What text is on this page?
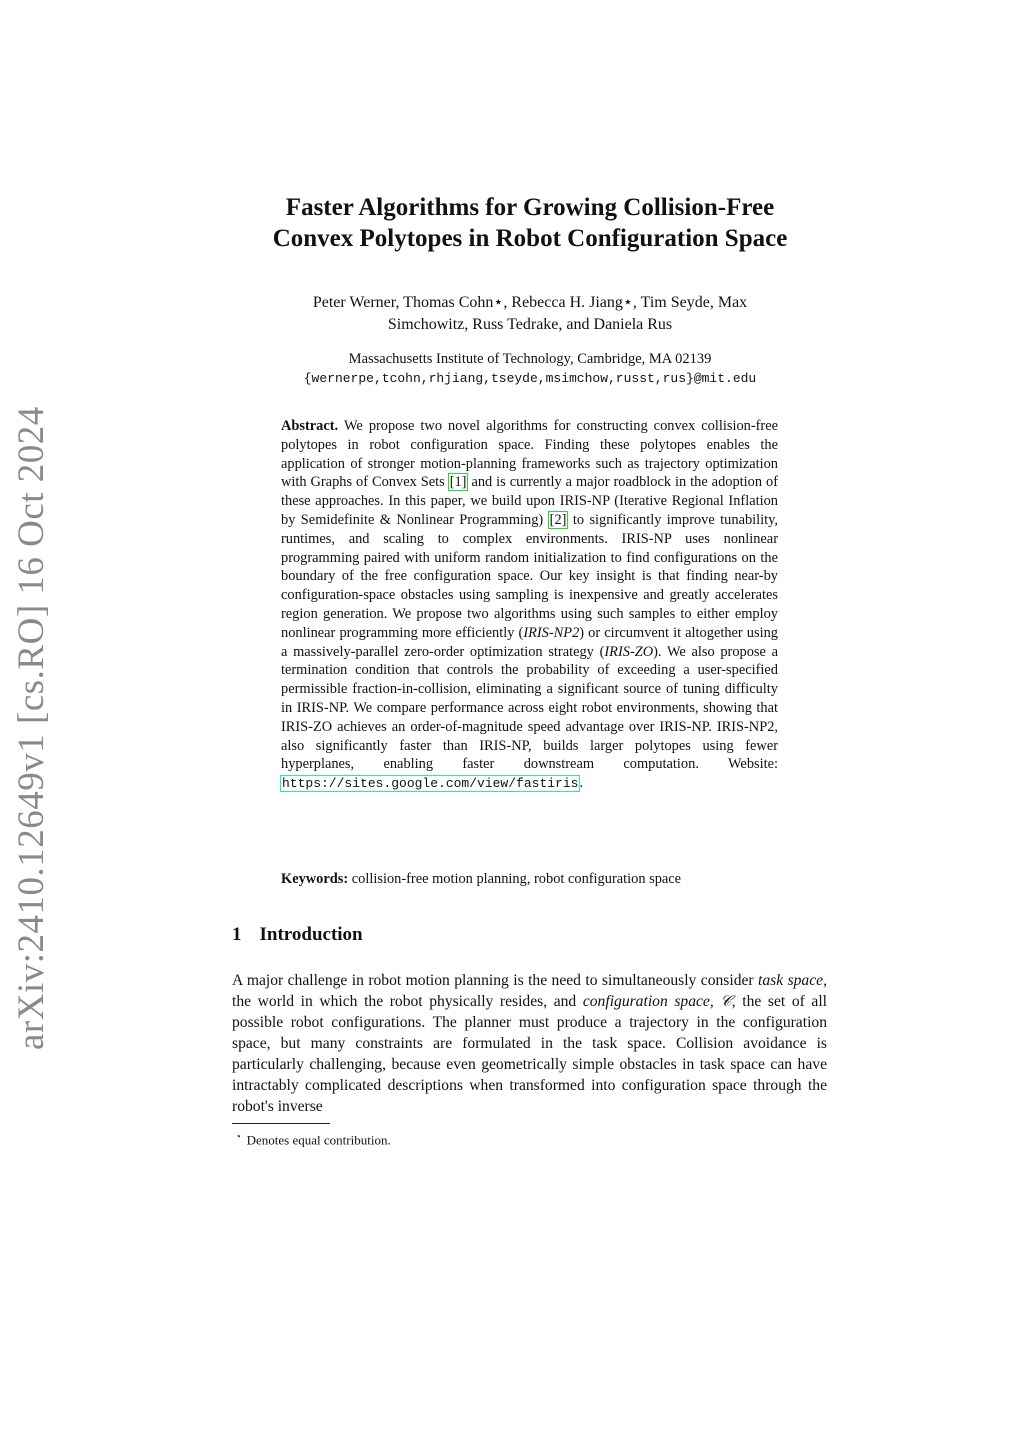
arXiv:2410.12649v1 [cs.RO] 16 Oct 2024
Faster Algorithms for Growing Collision-Free
Convex Polytopes in Robot Configuration Space
Peter Werner, Thomas Cohn⋆, Rebecca H. Jiang⋆, Tim Seyde, Max
Simchowitz, Russ Tedrake, and Daniela Rus
Massachusetts Institute of Technology, Cambridge, MA 02139
{wernerpe,tcohn,rhjiang,tseyde,msimchow,russt,rus}@mit.edu
Abstract. We propose two novel algorithms for constructing convex collision-free polytopes in robot configuration space. Finding these polytopes enables the application of stronger motion-planning frameworks such as trajectory optimization with Graphs of Convex Sets [1] and is currently a major roadblock in the adoption of these approaches. In this paper, we build upon IRIS-NP (Iterative Regional Inflation by Semidefinite & Nonlinear Programming) [2] to significantly improve tunability, runtimes, and scaling to complex environments. IRIS-NP uses nonlinear programming paired with uniform random initialization to find configurations on the boundary of the free configuration space. Our key insight is that finding near-by configuration-space obstacles using sampling is inexpensive and greatly accelerates region generation. We propose two algorithms using such samples to either employ nonlinear programming more efficiently (IRIS-NP2) or circumvent it altogether using a massively-parallel zero-order optimization strategy (IRIS-ZO). We also propose a termination condition that controls the probability of exceeding a user-specified permissible fraction-in-collision, eliminating a significant source of tuning difficulty in IRIS-NP. We compare performance across eight robot environments, showing that IRIS-ZO achieves an order-of-magnitude speed advantage over IRIS-NP. IRIS-NP2, also significantly faster than IRIS-NP, builds larger polytopes using fewer hyperplanes, enabling faster downstream computation. Website: https://sites.google.com/view/fastiris.
Keywords: collision-free motion planning, robot configuration space
1 Introduction

A major challenge in robot motion planning is the need to simultaneously consider task space, the world in which the robot physically resides, and configuration space, 𝒞, the set of all possible robot configurations. The planner must produce a trajectory in the configuration space, but many constraints are formulated in the task space. Collision avoidance is particularly challenging, because even geometrically simple obstacles in task space can have intractably complicated descriptions when transformed into configuration space through the robot's inverse

⋆ Denotes equal contribution.
